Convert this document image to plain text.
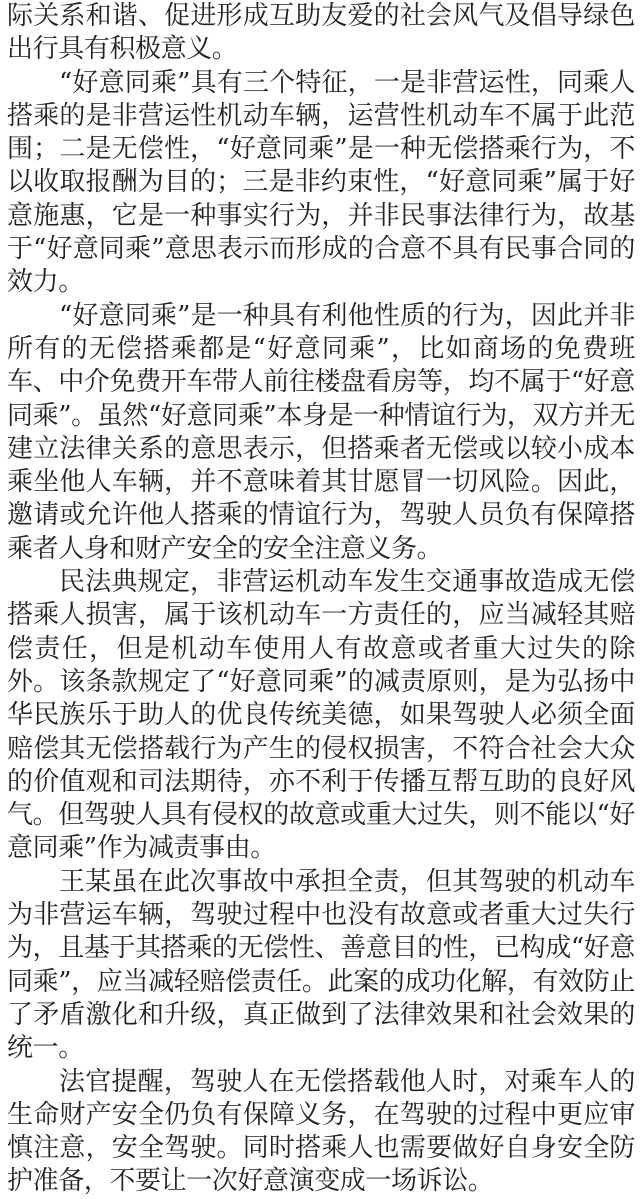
际关系和谐、促进形成互助友爱的社会风气及倡导绿色出行具有积极意义。

“好意同乘”具有三个特征，一是非营运性，同乘人搭乘的是非营运性机动车辆，运营性机动车不属于此范围；二是无偿性，“好意同乘”是一种无偿搭乘行为，不以收取报酬为目的；三是非约束性，“好意同乘”属于好意施惠，它是一种事实行为，并非民事法律行为，故基于“好意同乘”意思表示而形成的合意不具有民事合同的效力。

“好意同乘”是一种具有利他性质的行为，因此并非所有的无偿搭乘都是“好意同乘”，比如商场的免费班车、中介免费开车带人前往楼盘看房等，均不属于“好意同乘”。虽然“好意同乘”本身是一种情谊行为，双方并无建立法律关系的意思表示，但搭乘者无偿或以较小成本乘坐他人车辆，并不意味着其甘愿冒一切风险。因此，邀请或允许他人搭乘的情谊行为，驾驶人员负有保障搭乘者人身和财产安全的安全注意义务。

民法典规定，非营运机动车发生交通事故造成无偿搭乘人损害，属于该机动车一方责任的，应当减轻其赔偿责任，但是机动车使用人有故意或者重大过失的除外。该条款规定了“好意同乘”的减责原则，是为弘扬中华民族乐于助人的优良传统美德，如果驾驶人必须全面赔偿其无偿搭载行为产生的侵权损害，不符合社会大众的价值观和司法期待，亦不利于传播互帮互助的良好风气。但驾驶人具有侵权的故意或重大过失，则不能以“好意同乘”作为减责事由。

王某虽在此次事故中承担全责，但其驾驶的机动车为非营运车辆，驾驶过程中也没有故意或者重大过失行为，且基于其搭乘的无偿性、善意目的性，已构成“好意同乘”，应当减轻赔偿责任。此案的成功化解，有效防止了矛盾激化和升级，真正做到了法律效果和社会效果的统一。

法官提醒，驾驶人在无偿搭载他人时，对乘车人的生命财产安全仍负有保障义务，在驾驶的过程中更应审慎注意，安全驾驶。同时搭乘人也需要做好自身安全防护准备，不要让一次好意演变成一场诉讼。
